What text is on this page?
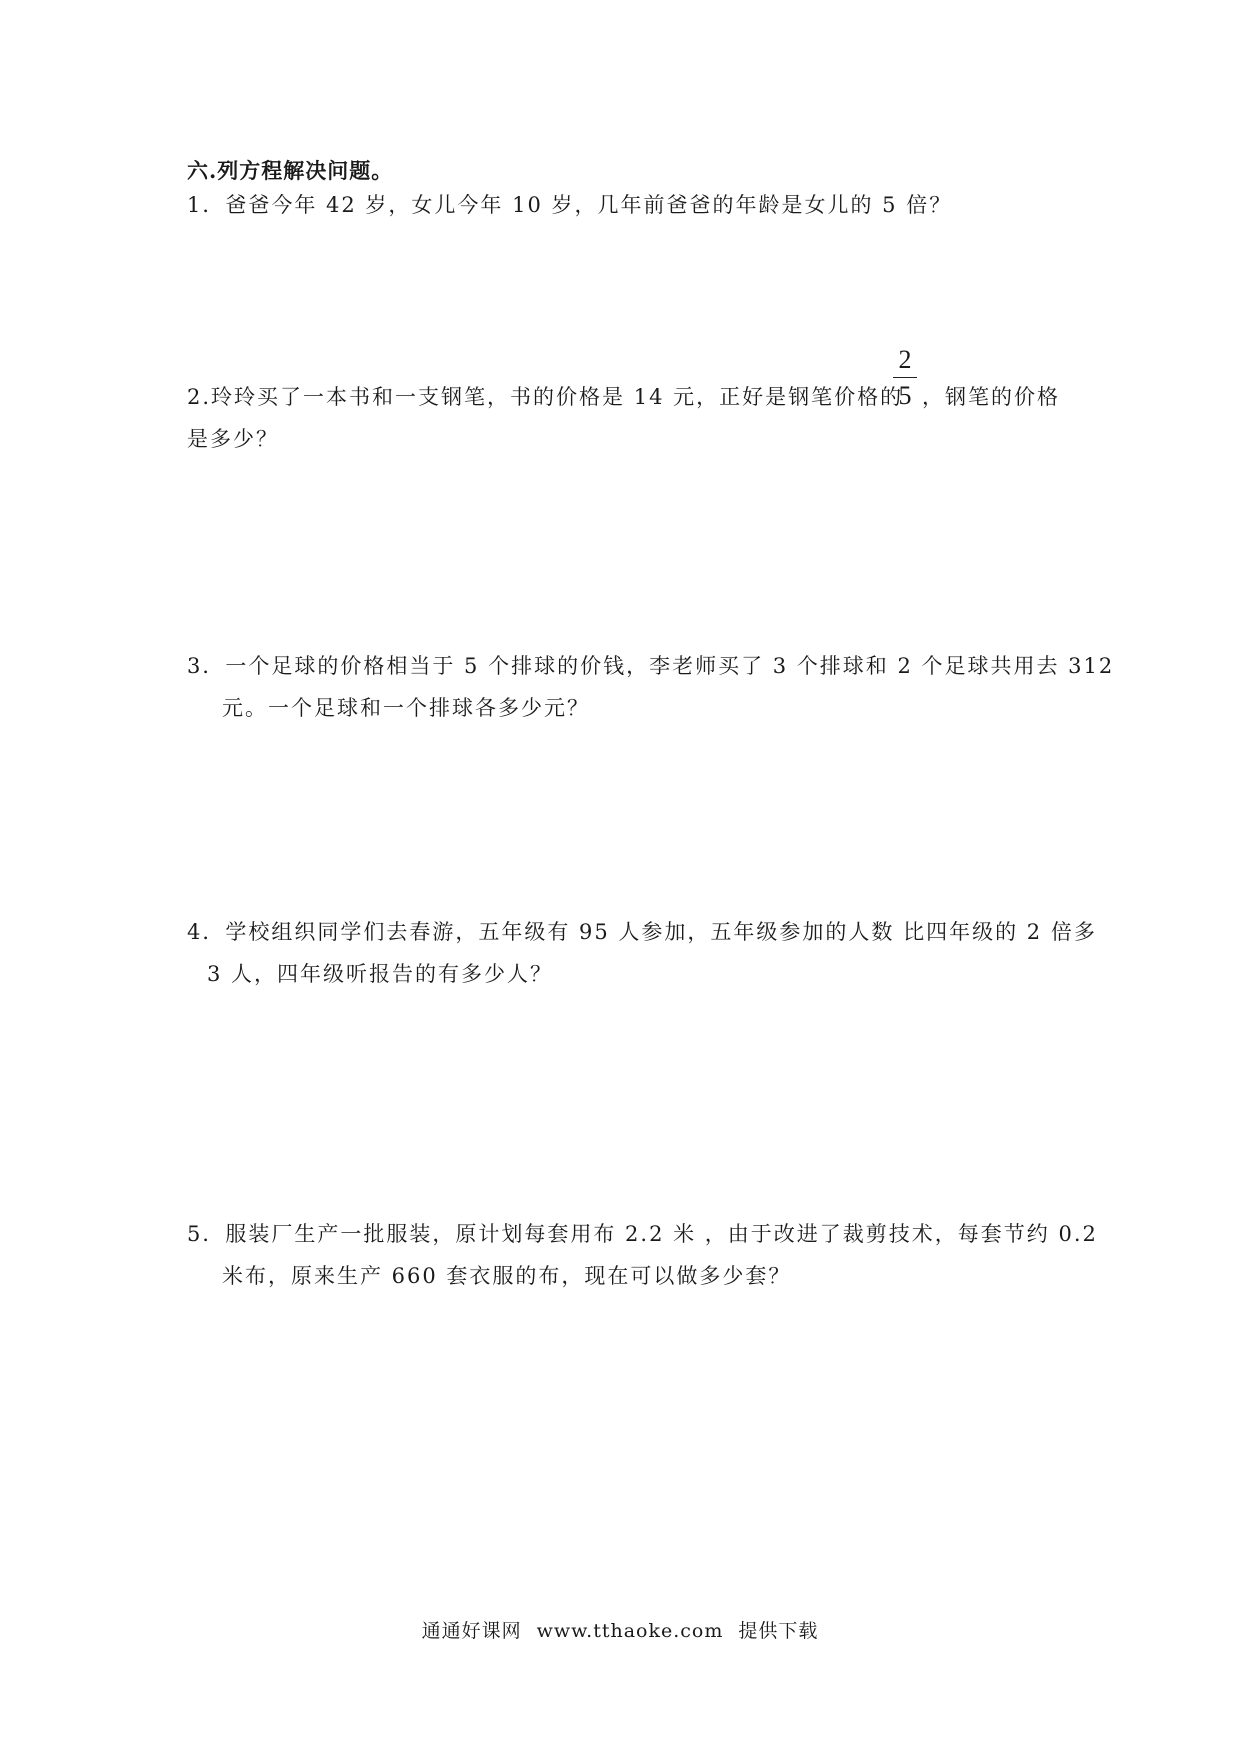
六.列方程解决问题。
1．爸爸今年 42 岁，女儿今年 10 岁，几年前爸爸的年龄是女儿的 5 倍？
2.玲玲买了一本书和一支钢笔，书的价格是 14 元，正好是钢笔价格的
2
5 ，钢笔的价格
是多少？
3．一个足球的价格相当于 5 个排球的价钱，李老师买了 3 个排球和 2 个足球共用去 312
元。一个足球和一个排球各多少元？
4．学校组织同学们去春游，五年级有 95 人参加，五年级参加的人数 比四年级的 2 倍多
3 人，四年级听报告的有多少人？
5．服装厂生产一批服装，原计划每套用布 2.2 米 ，由于改进了裁剪技术，每套节约 0.2
米布，原来生产 660 套衣服的布，现在可以做多少套？
通通好课网 www.tthaoke.com 提供下载
